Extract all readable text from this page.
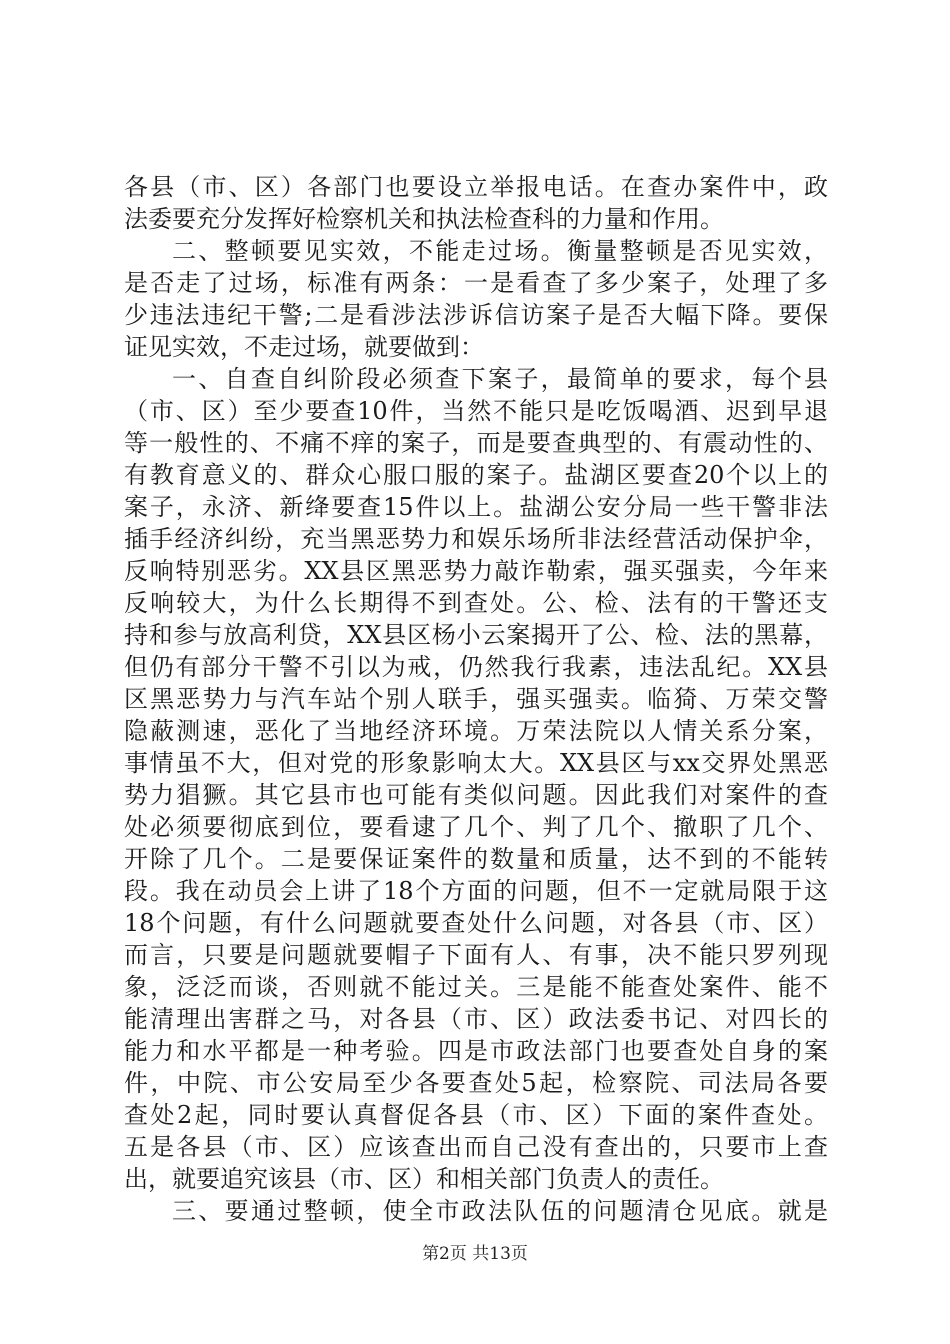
各县（市、区）各部门也要设立举报电话。在查办案件中，政
法委要充分发挥好检察机关和执法检查科的力量和作用。
二、整顿要见实效，不能走过场。衡量整顿是否见实效，
是否走了过场，标准有两条：一是看查了多少案子，处理了多
少违法违纪干警;二是看涉法涉诉信访案子是否大幅下降。要保
证见实效，不走过场，就要做到：
一、自查自纠阶段必须查下案子，最简单的要求，每个县
（市、区）至少要查10件，当然不能只是吃饭喝酒、迟到早退
等一般性的、不痛不痒的案子，而是要查典型的、有震动性的、
有教育意义的、群众心服口服的案子。盐湖区要查20个以上的
案子，永济、新绛要查15件以上。盐湖公安分局一些干警非法
插手经济纠纷，充当黑恶势力和娱乐场所非法经营活动保护伞，
反响特别恶劣。XX县区黑恶势力敲诈勒索，强买强卖，今年来
反响较大，为什么长期得不到查处。公、检、法有的干警还支
持和参与放高利贷，XX县区杨小云案揭开了公、检、法的黑幕，
但仍有部分干警不引以为戒，仍然我行我素，违法乱纪。XX县
区黑恶势力与汽车站个别人联手，强买强卖。临猗、万荣交警
隐蔽测速，恶化了当地经济环境。万荣法院以人情关系分案，
事情虽不大，但对党的形象影响太大。XX县区与xx交界处黑恶
势力猖獗。其它县市也可能有类似问题。因此我们对案件的查
处必须要彻底到位，要看逮了几个、判了几个、撤职了几个、
开除了几个。二是要保证案件的数量和质量，达不到的不能转
段。我在动员会上讲了18个方面的问题，但不一定就局限于这
18个问题，有什么问题就要查处什么问题，对各县（市、区）
而言，只要是问题就要帽子下面有人、有事，决不能只罗列现
象，泛泛而谈，否则就不能过关。三是能不能查处案件、能不
能清理出害群之马，对各县（市、区）政法委书记、对四长的
能力和水平都是一种考验。四是市政法部门也要查处自身的案
件，中院、市公安局至少各要查处5起，检察院、司法局各要
查处2起，同时要认真督促各县（市、区）下面的案件查处。
五是各县（市、区）应该查出而自己没有查出的，只要市上查
出，就要追究该县（市、区）和相关部门负责人的责任。
三、要通过整顿，使全市政法队伍的问题清仓见底。就是
第2页 共13页
